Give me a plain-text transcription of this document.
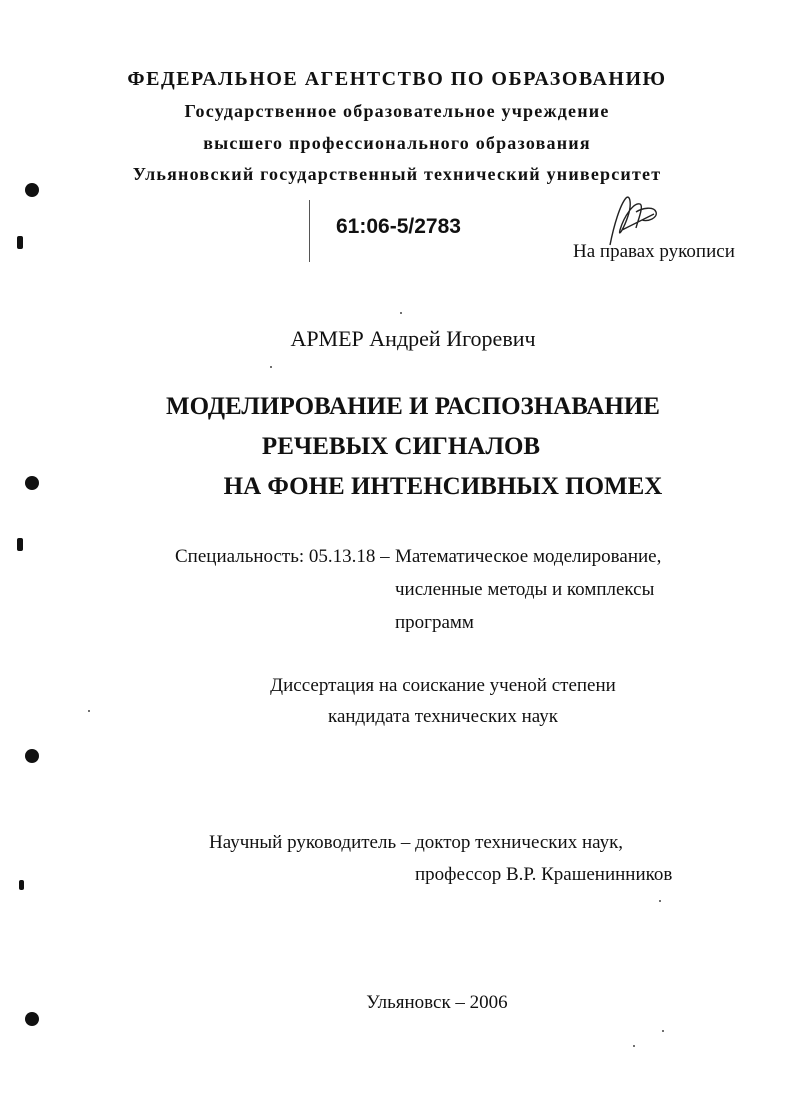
ФЕДЕРАЛЬНОЕ АГЕНТСТВО ПО ОБРАЗОВАНИЮ
Государственное образовательное учреждение
высшего профессионального образования
Ульяновский государственный технический университет
61:06-5/2783
На правах рукописи
АРМЕР Андрей Игоревич
МОДЕЛИРОВАНИЕ И РАСПОЗНАВАНИЕ
РЕЧЕВЫХ СИГНАЛОВ
НА ФОНЕ ИНТЕНСИВНЫХ ПОМЕХ
Специальность: 05.13.18 – Математическое моделирование,
численные методы и комплексы
программ
Диссертация на соискание ученой степени
кандидата технических наук
Научный руководитель – доктор технических наук,
профессор В.Р. Крашенинников
Ульяновск – 2006
